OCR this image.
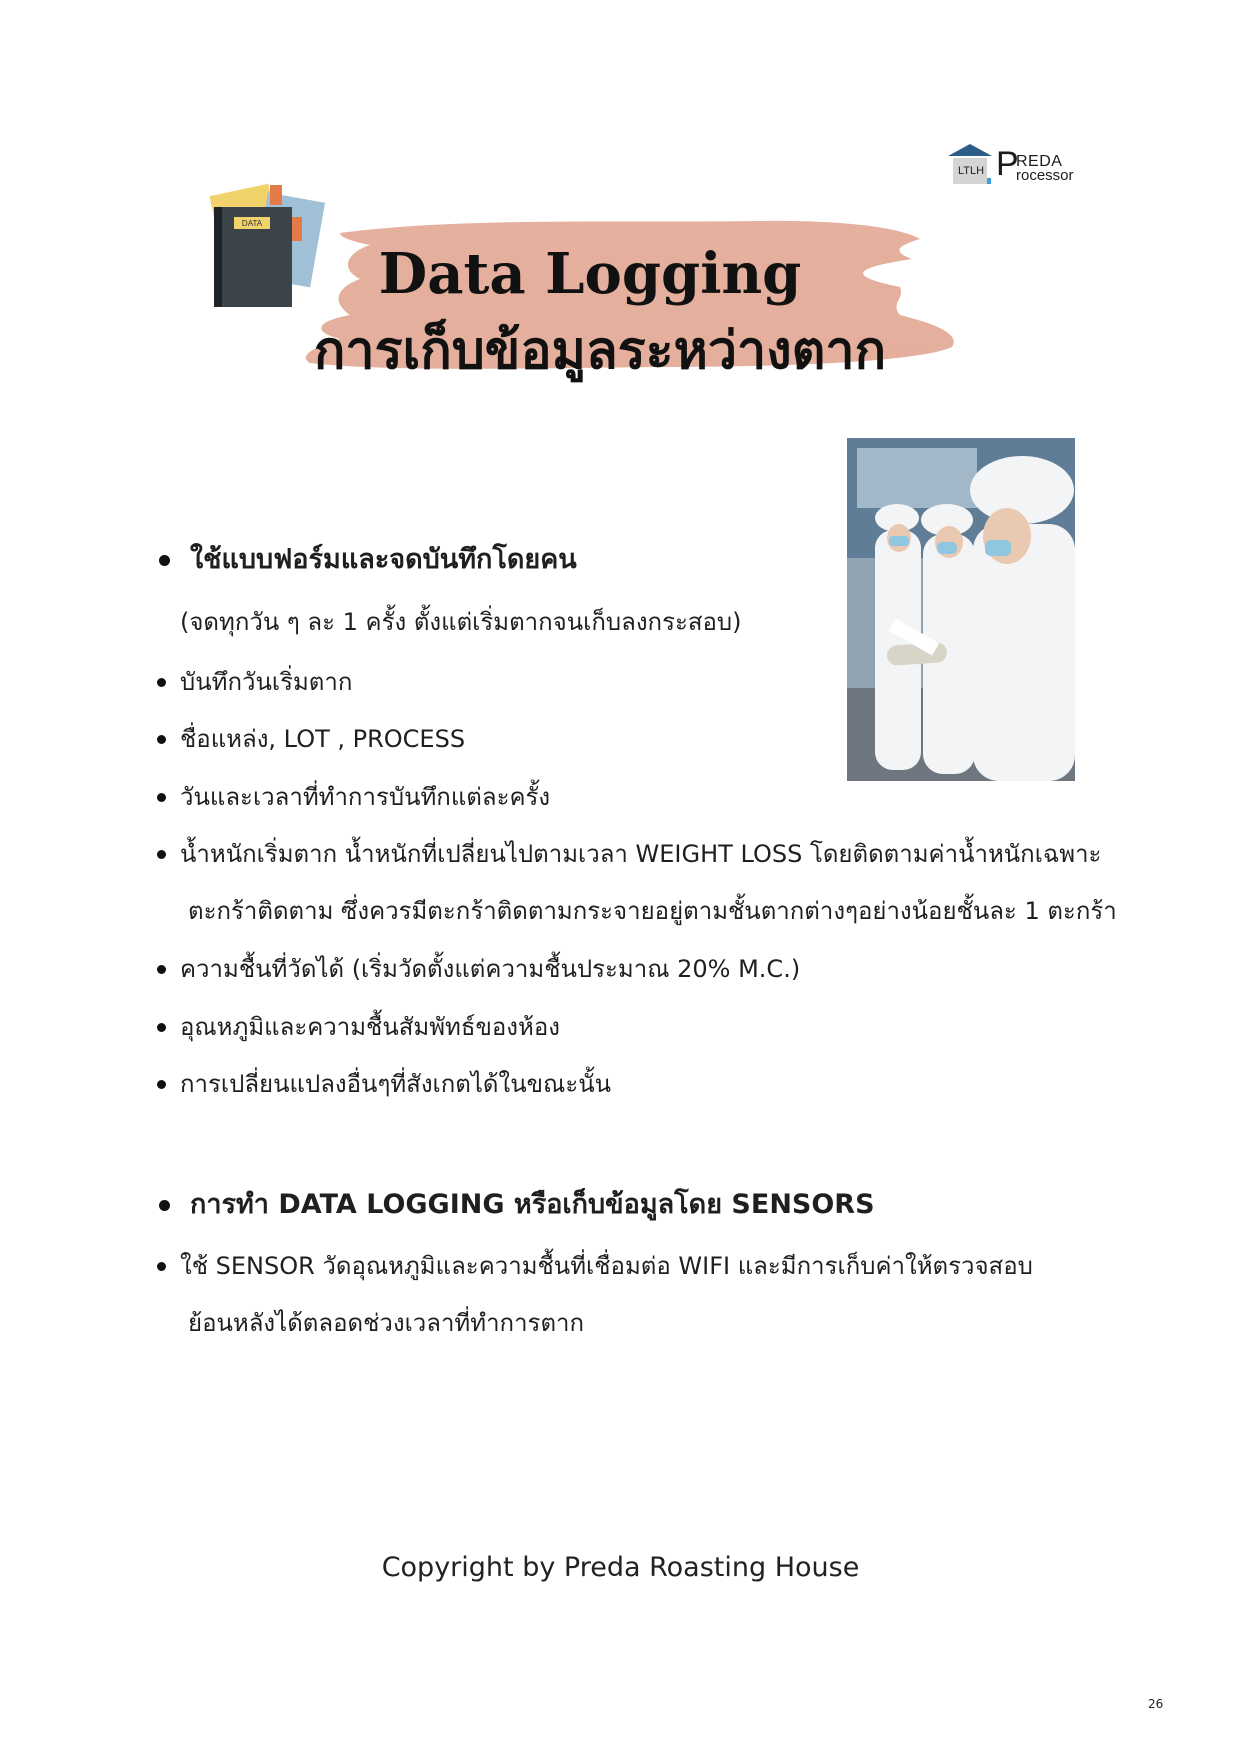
LTLH P
REDA
rocessor
DATA
Data Logging
การเก็บข้อมูลระหว่างตาก
ใช้แบบฟอร์มและจดบันทึกโดยคน
(จดทุกวัน ๆ ละ 1 ครั้ง ตั้งแต่เริ่มตากจนเก็บลงกระสอบ)
บันทึกวันเริ่มตาก
ชื่อแหล่ง, LOT , PROCESS
วันและเวลาที่ทำการบันทึกแต่ละครั้ง
น้ำหนักเริ่มตาก น้ำหนักที่เปลี่ยนไปตามเวลา WEIGHT LOSS โดยติดตามค่าน้ำหนักเฉพาะ
ตะกร้าติดตาม ซึ่งควรมีตะกร้าติดตามกระจายอยู่ตามชั้นตากต่างๆอย่างน้อยชั้นละ 1 ตะกร้า
ความชื้นที่วัดได้ (เริ่มวัดตั้งแต่ความชื้นประมาณ 20% M.C.)
อุณหภูมิและความชื้นสัมพัทธ์ของห้อง
การเปลี่ยนแปลงอื่นๆที่สังเกตได้ในขณะนั้น
การทำ DATA LOGGING หรือเก็บข้อมูลโดย SENSORS
ใช้ SENSOR วัดอุณหภูมิและความชื้นที่เชื่อมต่อ WIFI และมีการเก็บค่าให้ตรวจสอบ
ย้อนหลังได้ตลอดช่วงเวลาที่ทำการตาก
Copyright by Preda Roasting House
26
